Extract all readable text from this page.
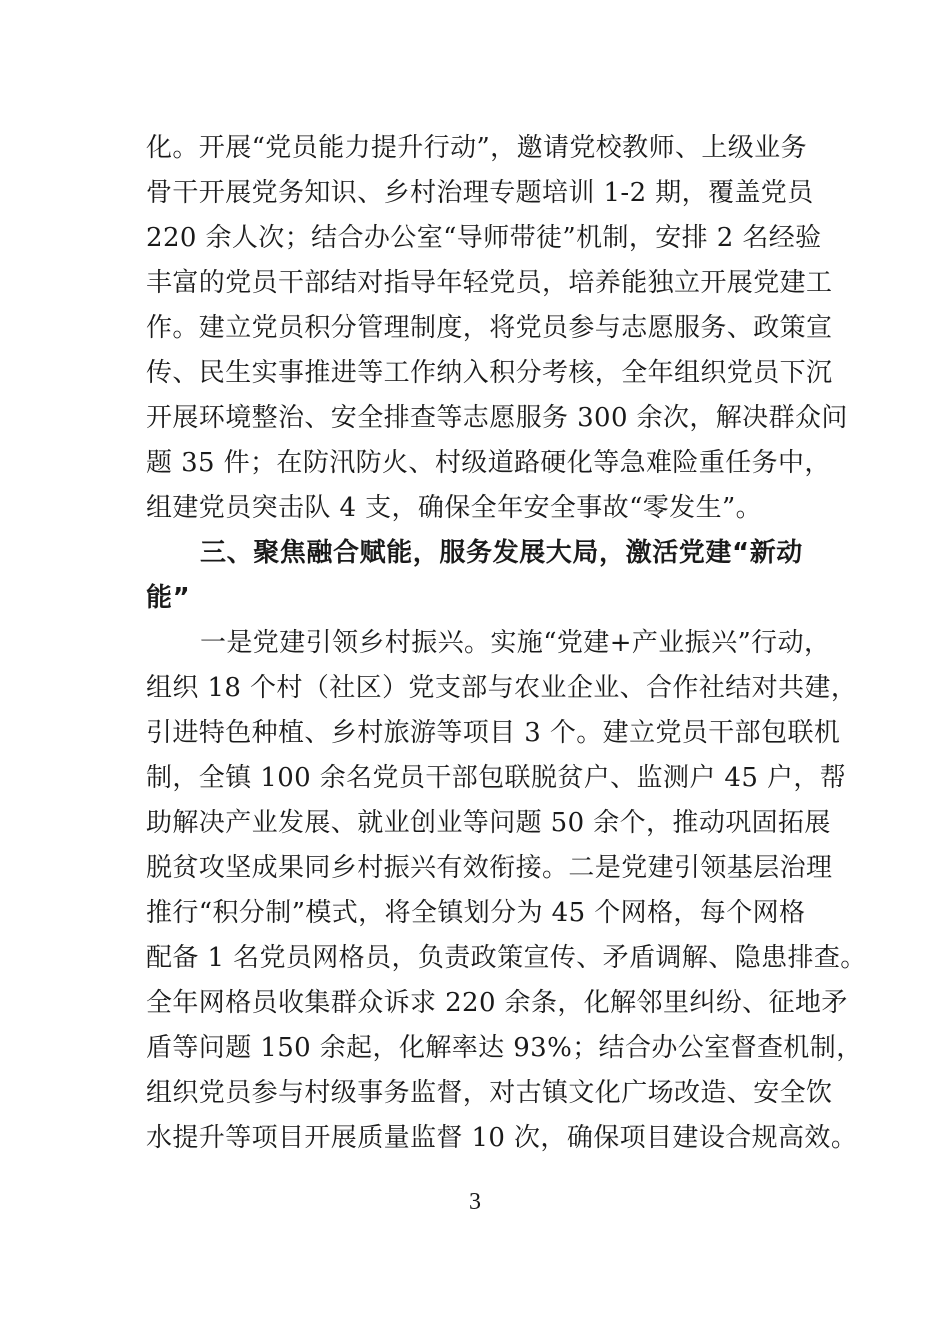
化。开展“党员能力提升行动”，邀请党校教师、上级业务
骨干开展党务知识、乡村治理专题培训 1-2 期，覆盖党员
220 余人次；结合办公室“导师带徒”机制，安排 2 名经验
丰富的党员干部结对指导年轻党员，培养能独立开展党建工
作。建立党员积分管理制度，将党员参与志愿服务、政策宣
传、民生实事推进等工作纳入积分考核，全年组织党员下沉
开展环境整治、安全排查等志愿服务 300 余次，解决群众问
题 35 件；在防汛防火、村级道路硬化等急难险重任务中，
组建党员突击队 4 支，确保全年安全事故“零发生”。
三、聚焦融合赋能，服务发展大局，激活党建“新动
能”
一是党建引领乡村振兴。实施“党建+产业振兴”行动，
组织 18 个村（社区）党支部与农业企业、合作社结对共建，
引进特色种植、乡村旅游等项目 3 个。建立党员干部包联机
制，全镇 100 余名党员干部包联脱贫户、监测户 45 户，帮
助解决产业发展、就业创业等问题 50 余个，推动巩固拓展
脱贫攻坚成果同乡村振兴有效衔接。二是党建引领基层治理
推行“积分制”模式，将全镇划分为 45 个网格，每个网格
配备 1 名党员网格员，负责政策宣传、矛盾调解、隐患排查。
全年网格员收集群众诉求 220 余条，化解邻里纠纷、征地矛
盾等问题 150 余起，化解率达 93%；结合办公室督查机制，
组织党员参与村级事务监督，对古镇文化广场改造、安全饮
水提升等项目开展质量监督 10 次，确保项目建设合规高效。
3
